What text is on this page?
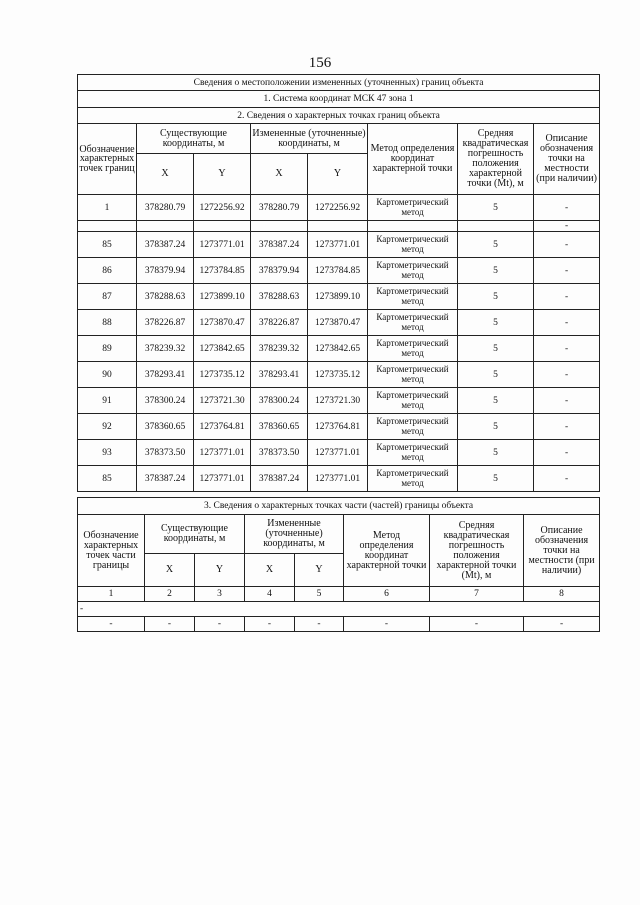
156
Сведения о местоположении измененных (уточненных) границ объекта							
1. Система координат МСК 47 зона 1							
2. Сведения о характерных точках границ объекта							
Обозначение характерных точек границ	Существующие координаты, м		Измененные (уточненные) координаты, м		Метод определения координат характерной точки	Средняя квадратическая погрешность положения характерной точки (Mt), м	Описание обозначения точки на местности (при наличии)
	X	Y	X	Y			
1	378280.79	1272256.92	378280.79	1272256.92	Картометрический метод	5	-
							-
85	378387.24	1273771.01	378387.24	1273771.01	Картометрический метод	5	-
86	378379.94	1273784.85	378379.94	1273784.85	Картометрический метод	5	-
87	378288.63	1273899.10	378288.63	1273899.10	Картометрический метод	5	-
88	378226.87	1273870.47	378226.87	1273870.47	Картометрический метод	5	-
89	378239.32	1273842.65	378239.32	1273842.65	Картометрический метод	5	-
90	378293.41	1273735.12	378293.41	1273735.12	Картометрический метод	5	-
91	378300.24	1273721.30	378300.24	1273721.30	Картометрический метод	5	-
92	378360.65	1273764.81	378360.65	1273764.81	Картометрический метод	5	-
93	378373.50	1273771.01	378373.50	1273771.01	Картометрический метод	5	-
85	378387.24	1273771.01	378387.24	1273771.01	Картометрический метод	5	-
3. Сведения о характерных точках части (частей) границы объекта							
Обозначение характерных точек части границы	Существующие координаты, м		Измененные (уточненные) координаты, м		Метод определения координат характерной точки	Средняя квадратическая погрешность положения характерной точки (Mt), м	Описание обозначения точки на местности (при наличии)
	X	Y	X	Y			
1	2	3	4	5	6	7	8
-							
-	-	-	-	-	-	-	-
